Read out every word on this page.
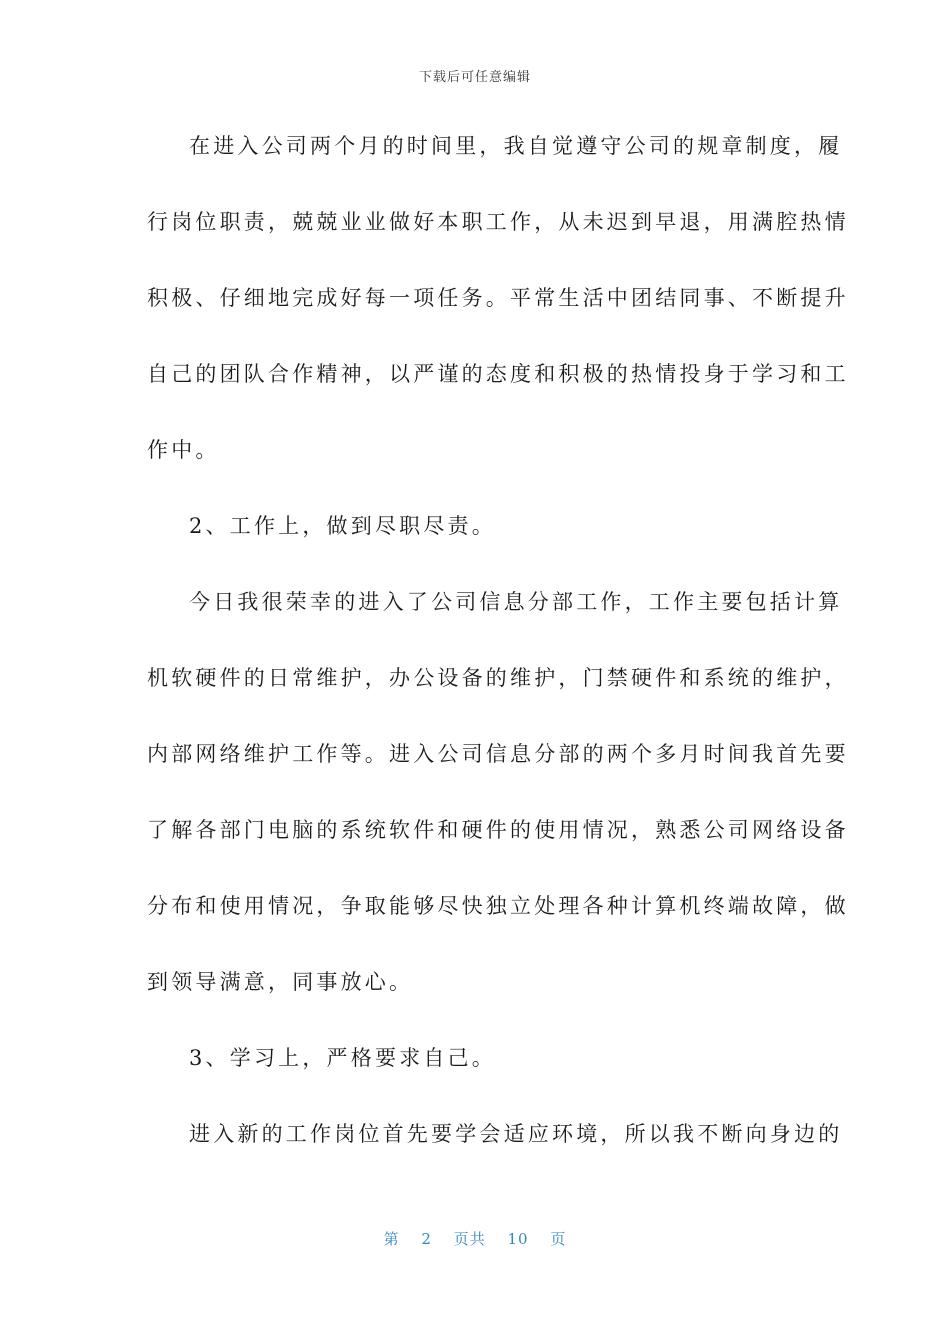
下载后可任意编辑
在进入公司两个月的时间里，我自觉遵守公司的规章制度，履
行岗位职责，兢兢业业做好本职工作，从未迟到早退，用满腔热情
积极、仔细地完成好每一项任务。平常生活中团结同事、不断提升
自己的团队合作精神，以严谨的态度和积极的热情投身于学习和工
作中。
2、工作上，做到尽职尽责。
今日我很荣幸的进入了公司信息分部工作，工作主要包括计算
机软硬件的日常维护，办公设备的维护，门禁硬件和系统的维护，
内部网络维护工作等。进入公司信息分部的两个多月时间我首先要
了解各部门电脑的系统软件和硬件的使用情况，熟悉公司网络设备
分布和使用情况，争取能够尽快独立处理各种计算机终端故障，做
到领导满意，同事放心。
3、学习上，严格要求自己。
进入新的工作岗位首先要学会适应环境，所以我不断向身边的
第 2 页共 10 页
